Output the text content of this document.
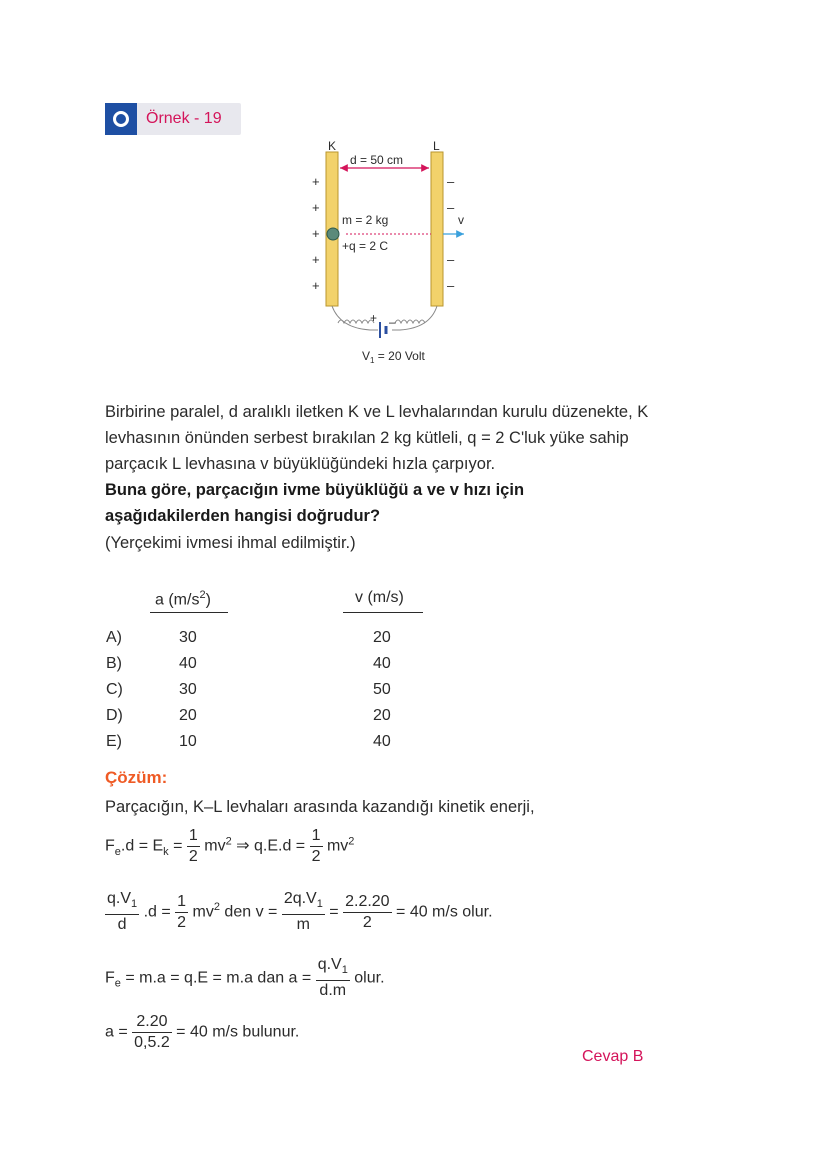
Örnek - 19
K	L
d = 50 cm
m = 2 kg
+q = 2 C
v
+
+
+
+
+
–
–
–
–
+ –
$V_1 = 20$ Volt
Birbirine paralel, d aralıklı iletken K ve L levhalarından kurulu düzenekte, K levhasının önünden serbest bırakılan 2 kg kütleli, q = 2 C'luk yüke sahip parçacık L levhasına v büyüklüğündeki hızla çarpıyor.
Buna göre, parçacığın ivme büyüklüğü a ve v hızı için aşağıdakilerden hangisi doğrudur?
(Yerçekimi ivmesi ihmal edilmiştir.)
a $(m/s^2)$	v (m/s)
A)	30	20
B)	40	40
C)	30	50
D)	20	20
E)	10	40
Çözüm:
Parçacığın, K–L levhaları arasında kazandığı kinetik enerji,
$F_e.d = E_k = \frac{1}{2} mv^2$ ⇒ $q.E.d = \frac{1}{2} mv^2$
$\frac{q.V_1}{d} .d = \frac{1}{2} mv^2$ den $v = \frac{2q.V_1}{m} = \frac{2.2.20}{2} = 40$ m/s olur.
$F_e = m.a = q.E = m.a$ dan $a = \frac{q.V_1}{d.m}$ olur.
$a = \frac{2.20}{0,5.2} = 40$ m/s bulunur.
Cevap B
